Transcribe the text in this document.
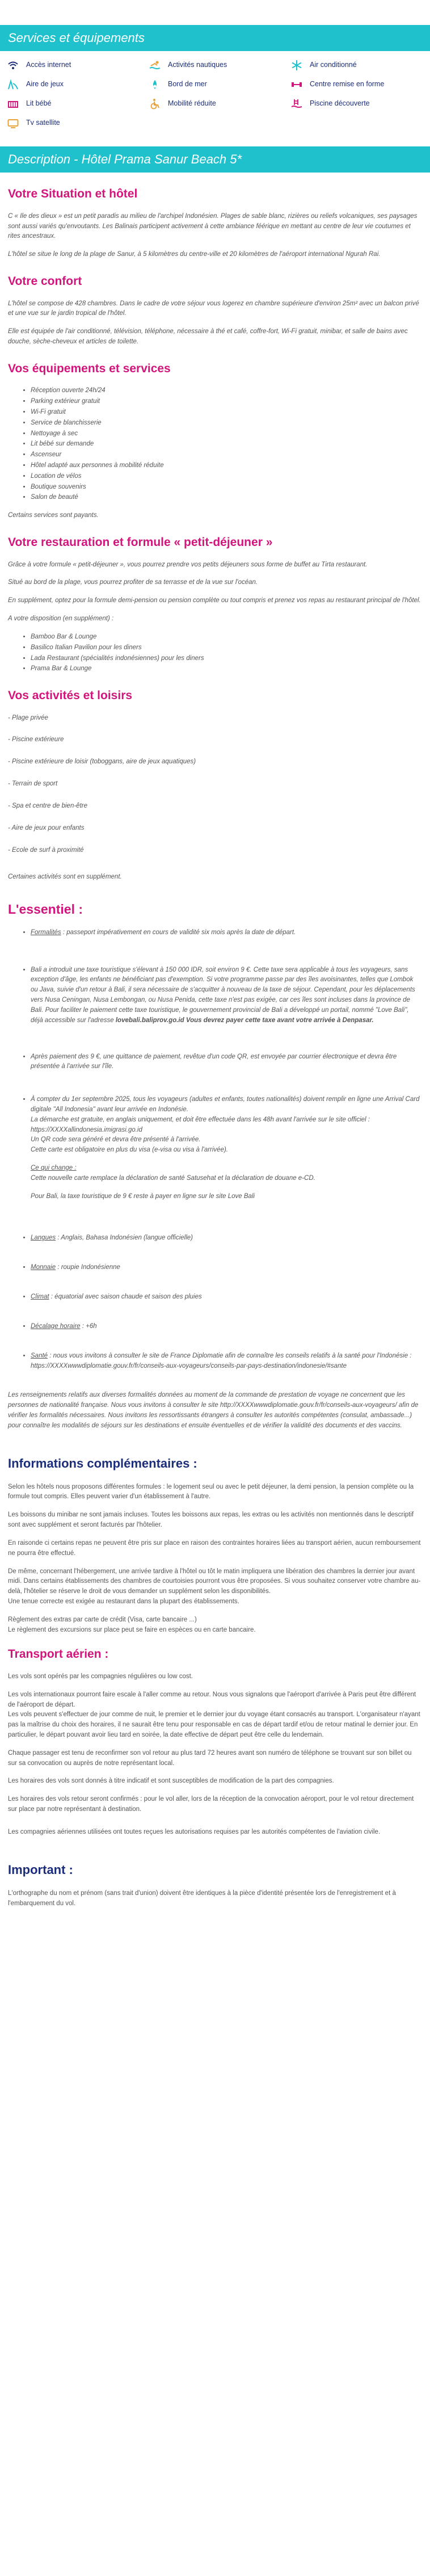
Services et équipements
Accès internet	Activités nautiques	Air conditionné
Aire de jeux	Bord de mer	Centre remise en forme
Lit bébé	Mobilité réduite	Piscine découverte
Tv satellite
Description - Hôtel Prama Sanur Beach 5*
Votre Situation et hôtel

C « Ile des dieux » est un petit paradis au milieu de l'archipel Indonésien. Plages de sable blanc, rizières ou reliefs volcaniques, ses paysages sont aussi variés qu'envoutants. Les Balinais participent activement à cette ambiance féérique en mettant au centre de leur vie coutumes et rites ancestraux.

L'hôtel se situe le long de la plage de Sanur, à 5 kilomètres du centre-ville et 20 kilomètres de l'aéroport international Ngurah Rai.

Votre confort

L'hôtel se compose de 428 chambres. Dans le cadre de votre séjour vous logerez en chambre supérieure d'environ 25m² avec un balcon privé et une vue sur le jardin tropical de l'hôtel.

Elle est équipée de l'air conditionné, télévision, téléphone, nécessaire à thé et café, coffre-fort, Wi-Fi gratuit, minibar, et salle de bains avec douche, sèche-cheveux et articles de toilette.

Vos équipements et services
• Réception ouverte 24h/24
• Parking extérieur gratuit
• Wi-Fi gratuit
• Service de blanchisserie
• Nettoyage à sec
• Lit bébé sur demande
• Ascenseur
• Hôtel adapté aux personnes à mobilité réduite
• Location de vélos
• Boutique souvenirs
• Salon de beauté

Certains services sont payants.

Votre restauration et formule « petit-déjeuner »

Grâce à votre formule « petit-déjeuner », vous pourrez prendre vos petits déjeuners sous forme de buffet au Tirta restaurant.

Situé au bord de la plage, vous pourrez profiter de sa terrasse et de la vue sur l'océan.

En supplément, optez pour la formule demi-pension ou pension complète ou tout compris et prenez vos repas au restaurant principal de l'hôtel.

A votre disposition (en supplément) :

• Bamboo Bar & Lounge
• Basilico Italian Pavilion pour les diners
• Lada Restaurant (spécialités indonésiennes) pour les diners
• Prama Bar & Lounge
Vos activités et loisirs

- Plage privée

- Piscine extérieure

- Piscine extérieure de loisir (toboggans, aire de jeux aquatiques)

- Terrain de sport

- Spa et centre de bien-être

- Aire de jeux pour enfants

- Ecole de surf à proximité

Certaines activités sont en supplément.

L'essentiel :
• Formalités : passeport impérativement en cours de validité six mois après la date de départ.

• Bali a introduit une taxe touristique s'élevant à 150 000 IDR, soit environ 9 €. Cette taxe sera applicable à tous les voyageurs, sans exception d'âge, les enfants ne bénéficiant pas d'exemption. Si votre programme passe par des îles avoisinantes, telles que Lombok ou Java, suivie d'un retour à Bali, il sera nécessaire de s'acquitter à nouveau de la taxe de séjour. Cependant, pour les déplacements vers Nusa Ceningan, Nusa Lembongan, ou Nusa Penida, cette taxe n'est pas exigée, car ces îles sont incluses dans la province de Bali. Pour faciliter le paiement cette taxe touristique, le gouvernement provincial de Bali a développé un portail, nommé "Love Bali", déjà accessible sur l'adresse lovebali.baliprov.go.id Vous devrez payer cette taxe avant votre arrivée à Denpasar.

• Après paiement des 9 €, une quittance de paiement, revêtue d'un code QR, est envoyée par courrier électronique et devra être présentée à l'arrivée sur l'île.

• À compter du 1er septembre 2025, tous les voyageurs (adultes et enfants, toutes nationalités) doivent remplir en ligne une Arrival Card digitale "All Indonesia" avant leur arrivée en Indonésie.

La démarche est gratuite, en anglais uniquement, et doit être effectuée dans les 48h avant l'arrivée sur le site officiel : https://XXXXallindonesia.imigrasi.go.id

Un QR code sera généré et devra être présenté à l'arrivée.

Cette carte est obligatoire en plus du visa (e-visa ou visa à l'arrivée).

Ce qui change :

Cette nouvelle carte remplace la déclaration de santé Satusehat et la déclaration de douane e-CD.

Pour Bali, la taxe touristique de 9 € reste à payer en ligne sur le site Love Bali

• Langues : Anglais, Bahasa Indonésien (langue officielle)
• Monnaie : roupie Indonésienne
• Climat : équatorial avec saison chaude et saison des pluies
• Décalage horaire : +6h
• Santé : nous vous invitons à consulter le site de France Diplomatie afin de connaître les conseils relatifs à la santé pour l'Indonésie : https://XXXXwwwdiplomatie.gouv.fr/fr/conseils-aux-voyageurs/conseils-par-pays-destination/indonesie/#sante

Les renseignements relatifs aux diverses formalités données au moment de la commande de prestation de voyage ne concernent que les personnes de nationalité française. Nous vous invitons à consulter le site http://XXXXwwwdiplomatie.gouv.fr/fr/conseils-aux-voyageurs/ afin de vérifier les formalités nécessaires. Nous invitons les ressortissants étrangers à consulter les autorités compétentes (consulat, ambassade...) pour connaître les modalités de séjours sur les destinations et ensuite éventuelles et de vérifier la validité des documents et des vaccins.

Informations complémentaires :

Selon les hôtels nous proposons différentes formules : le logement seul ou avec le petit déjeuner, la demi pension, la pension complète ou la formule tout compris. Elles peuvent varier d'un établissement à l'autre.

Les boissons du minibar ne sont jamais incluses. Toutes les boissons aux repas, les extras ou les activités non mentionnés dans le descriptif sont avec supplément et seront facturés par l'hôtelier.

En raisonde ci certains repas ne peuvent être pris sur place en raison des contraintes horaires liées au transport aérien, aucun remboursement ne pourra être effectué.

De même, concernant l'hébergement, une arrivée tardive à l'hôtel ou tôt le matin impliquera une libération des chambres la dernier jour avant midi. Dans certains établissements des chambres de courtoisies pourront vous être proposées. Si vous souhaitez conserver votre chambre au-delà, l'hôtelier se réserve le droit de vous demander un supplément selon les disponibilités.

Une tenue correcte est exigée au restaurant dans la plupart des établissements.

Règlement des extras par carte de crédit (Visa, carte bancaire ...)
Le règlement des excursions sur place peut se faire en espèces ou en carte bancaire.

Transport aérien :

Les vols sont opérés par les compagnies régulières ou low cost.

Les vols internationaux pourront faire escale à l'aller comme au retour. Nous vous signalons que l'aéroport d'arrivée à Paris peut être différent de l'aéroport de départ.
Les vols peuvent s'effectuer de jour comme de nuit, le premier et le dernier jour du voyage étant consacrés au transport. L'organisateur n'ayant pas la maîtrise du choix des horaires, il ne saurait être tenu pour responsable en cas de départ tardif et/ou de retour matinal le dernier jour. En particulier, le départ pouvant avoir lieu tard en soirée, la date effective de départ peut être celle du lendemain.

Chaque passager est tenu de reconfirmer son vol retour au plus tard 72 heures avant son numéro de téléphone se trouvant sur son billet ou sur sa convocation ou auprès de notre représentant local.

Les horaires des vols sont donnés à titre indicatif et sont susceptibles de modification de la part des compagnies.

Les horaires des vols retour seront confirmés : pour le vol aller, lors de la réception de la convocation aéroport, pour le vol retour directement sur place par notre représentant à destination.

Les compagnies aériennes utilisées ont toutes reçues les autorisations requises par les autorités compétentes de l'aviation civile.

Important :

L'orthographe du nom et prénom (sans trait d'union) doivent être identiques à la pièce d'identité présentée lors de l'enregistrement et à l'embarquement du vol.
